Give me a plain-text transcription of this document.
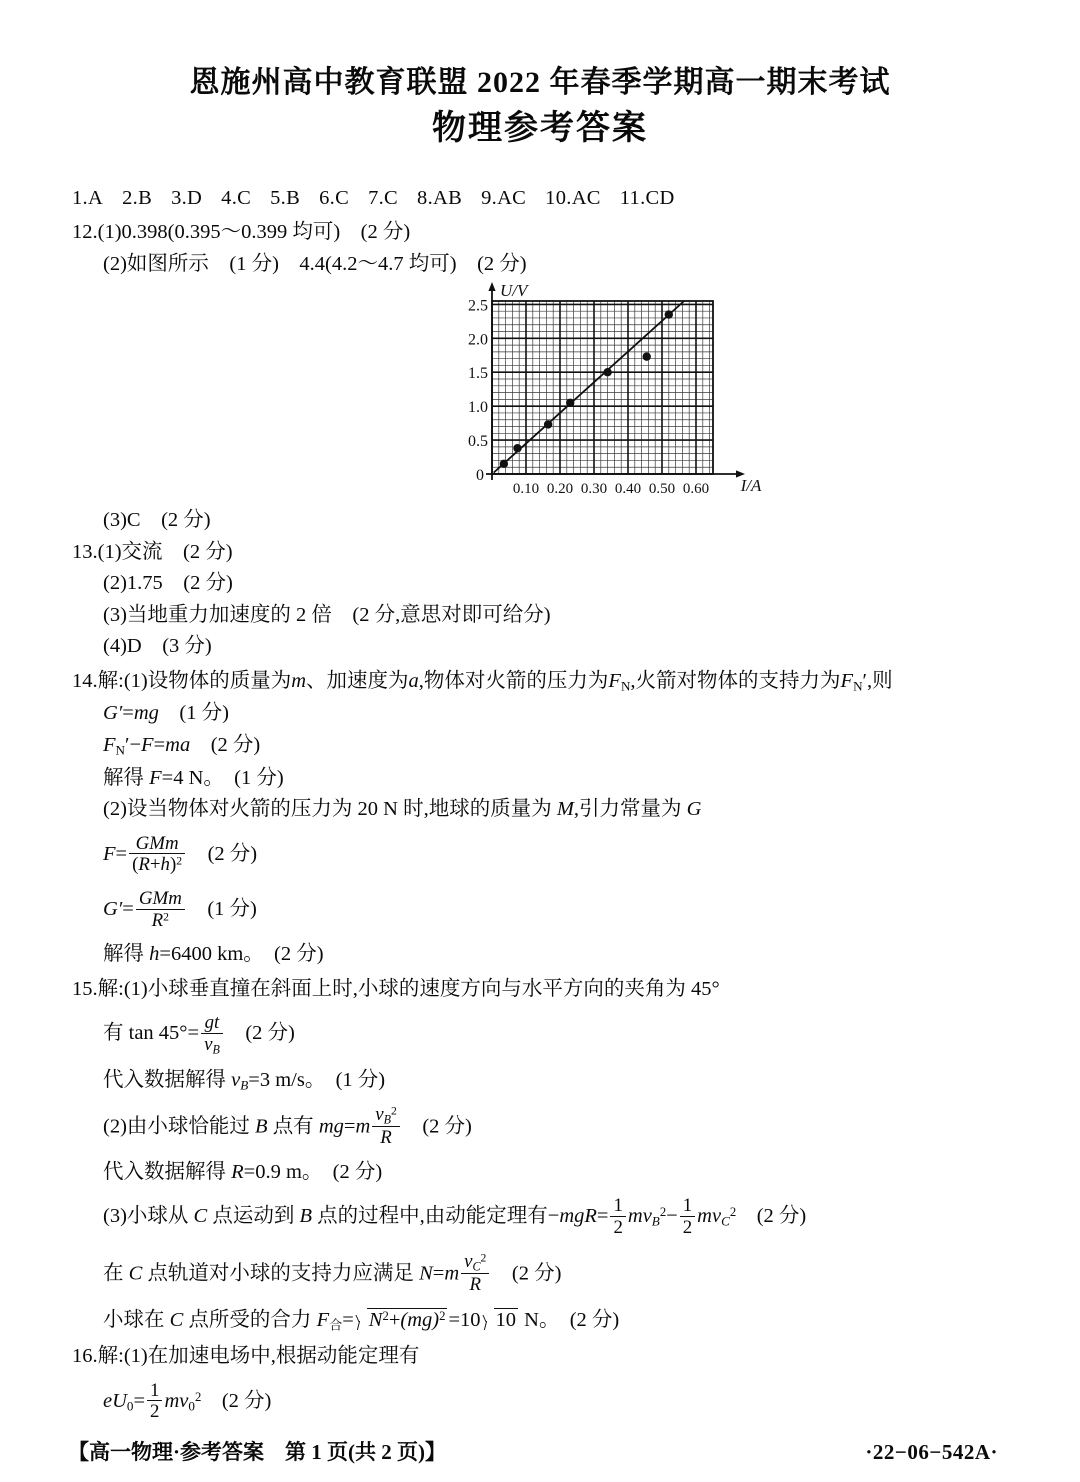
恩施州高中教育联盟 2022 年春季学期高一期末考试
物理参考答案
1.A 2.B 3.D 4.C 5.B 6.C 7.C 8.AB 9.AC 10.AC 11.CD
12.(1)0.398(0.395～0.399 均可)　(2 分)
(2)如图所示　(1 分)　4.4(4.2～4.7 均可)　(2 分)
0
0.5
1.0
1.5
2.0
2.5
0.10 0.20 0.30 0.40 0.50 0.60
U/V
I/A
(3)C　(2 分)
13.(1)交流　(2 分)
(2)1.75　(2 分)
(3)当地重力加速度的 2 倍　(2 分,意思对即可给分)
(4)D　(3 分)
14.解:(1)设物体的质量为m、加速度为a,物体对火箭的压力为$F_N$,火箭对物体的支持力为$F_N'$,则
G′=mg　 (1 分)
$F_N'-F=ma$　 (2 分)
解得 F=4 N。　 (1 分)
(2)设当物体对火箭的压力为 20 N 时,地球的质量为 M,引力常量为 G
$F= \frac{\text{GMm}}{(R+h)^2}$
　 (2 分)
$G'= \frac{\text{GMm}}{R^2}$
　 (1 分)
解得 h=6400 km。　 (2 分)
15.解:(1)小球垂直撞在斜面上时,小球的速度方向与水平方向的夹角为 45°
有 $\tan 45^\circ= \frac{gt}{v_B}$
　 (2 分)
代入数据解得 $v_B=3$ m/s。　 (1 分)
(2)由小球恰能过 B 点有 $mg=m \frac{v_B^2}{R}$
　 (2 分)
代入数据解得 R=0.9 m。　 (2 分)
(3)小球从 C 点运动到 B 点的过程中,由动能定理有$-mgR= \frac{1}{2} mv_B^2- \frac{1}{2} mv_C^2$　 (2 分)
在 C 点轨道对小球的支持力应满足 $N=m \frac{v_C^2}{R}$
　 (2 分)
小球在 C 点所受的合力 $F_合= N^2+(mg)^2 =10$ 10 N。　 (2 分)
16.解:(1)在加速电场中,根据动能定理有
$eU_0= \frac{1}{2} mv_0^2$　 (2 分)
【高一物理·参考答案　第 1 页(共 2 页)】	·22−06−542A·
